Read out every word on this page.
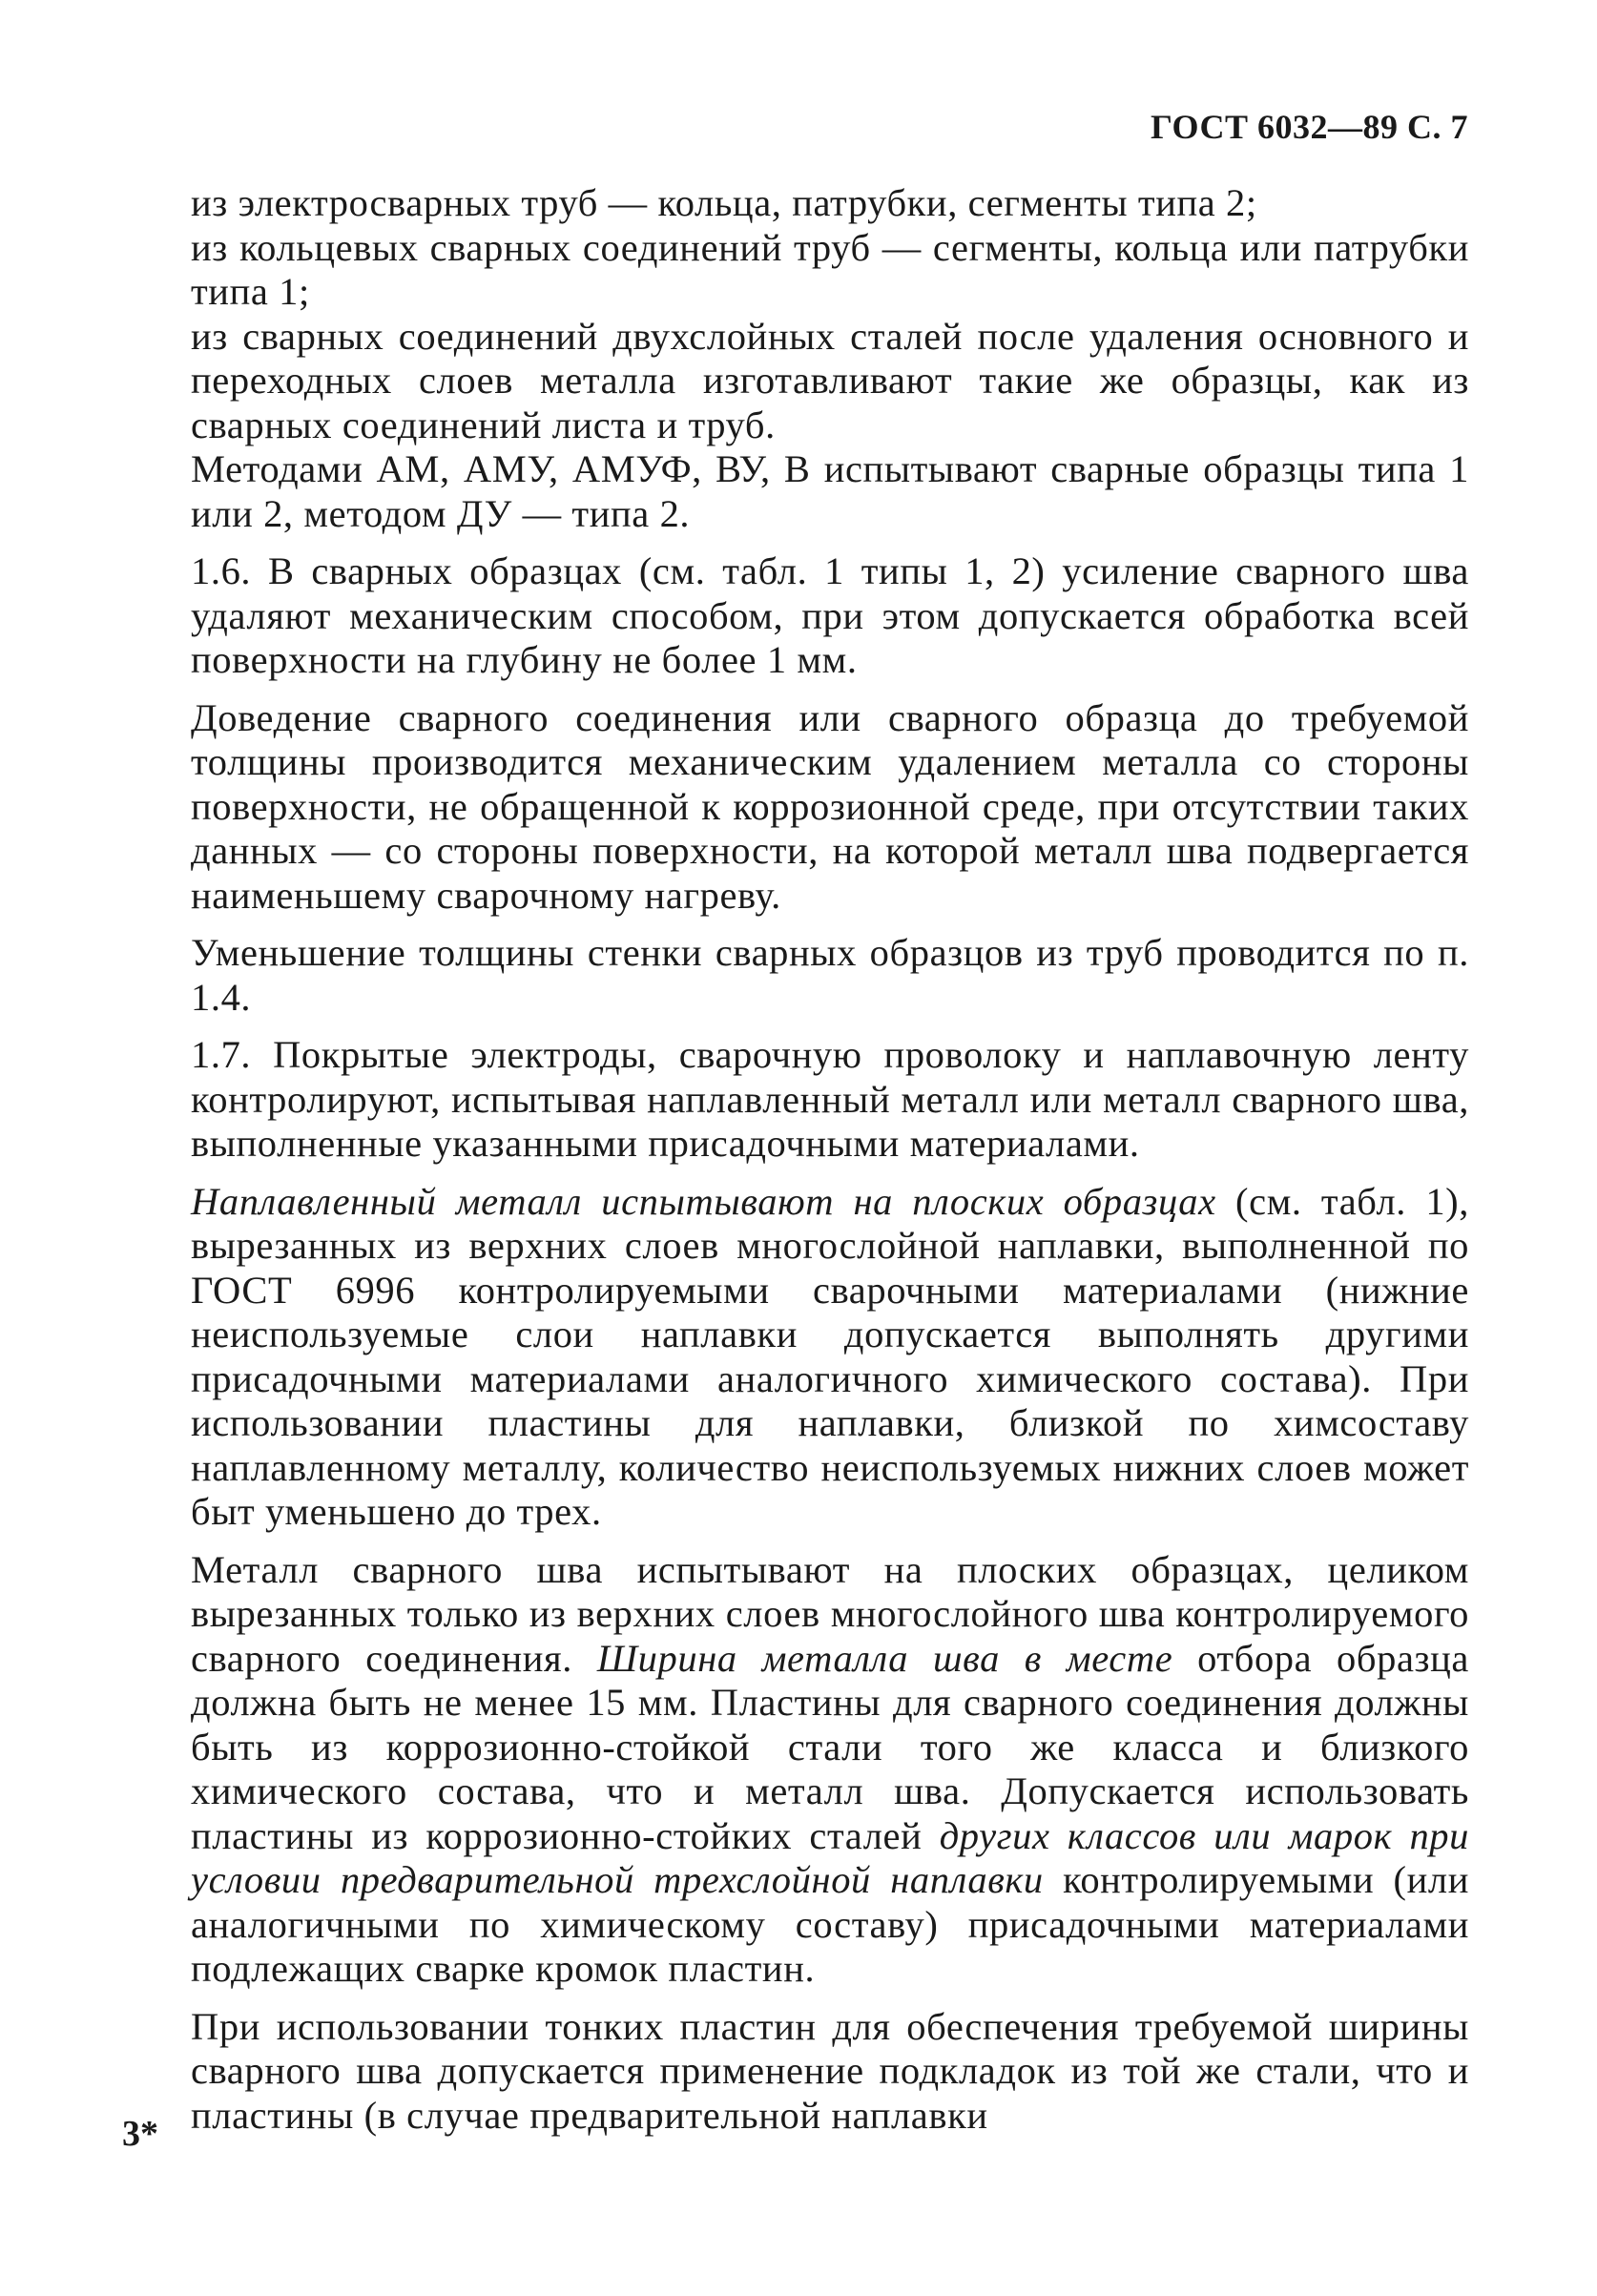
ГОСТ 6032—89 С. 7

из электросварных труб — кольца, патрубки, сегменты типа 2;

из кольцевых сварных соединений труб — сегменты, кольца или патрубки типа 1;

из сварных соединений двухслойных сталей после удаления основного и переходных слоев металла изготавливают такие же образцы, как из сварных соединений листа и труб.

Методами АМ, АМУ, АМУФ, ВУ, В испытывают сварные образцы типа 1 или 2, методом ДУ — типа 2.

1.6. В сварных образцах (см. табл. 1 типы 1, 2) усиление сварного шва удаляют механическим способом, при этом допускается обработка всей поверхности на глубину не более 1 мм.

Доведение сварного соединения или сварного образца до требуемой толщины производится механическим удалением металла со стороны поверхности, не обращенной к коррозионной среде, при отсутствии таких данных — со стороны поверхности, на которой металл шва подвергается наименьшему сварочному нагреву.

Уменьшение толщины стенки сварных образцов из труб проводится по п. 1.4.

1.7. Покрытые электроды, сварочную проволоку и наплавочную ленту контролируют, испытывая наплавленный металл или металл сварного шва, выполненные указанными присадочными материалами.

Наплавленный металл испытывают на плоских образцах (см. табл. 1), вырезанных из верхних слоев многослойной наплавки, выполненной по ГОСТ 6996 контролируемыми сварочными материалами (нижние неиспользуемые слои наплавки допускается выполнять другими присадочными материалами аналогичного химического состава). При использовании пластины для наплавки, близкой по химсоставу наплавленному металлу, количество неиспользуемых нижних слоев может быт уменьшено до трех.

Металл сварного шва испытывают на плоских образцах, целиком вырезанных только из верхних слоев многослойного шва контролируемого сварного соединения. Ширина металла шва в месте отбора образца должна быть не менее 15 мм. Пластины для сварного соединения должны быть из коррозионно-стойкой стали того же класса и близкого химического состава, что и металл шва. Допускается использовать пластины из коррозионно-стойких сталей других классов или марок при условии предварительной трехслойной наплавки контролируемыми (или аналогичными по химическому составу) присадочными материалами подлежащих сварке кромок пластин.

При использовании тонких пластин для обеспечения требуемой ширины сварного шва допускается применение подкладок из той же стали, что и пластины (в случае предварительной наплавки

3*
